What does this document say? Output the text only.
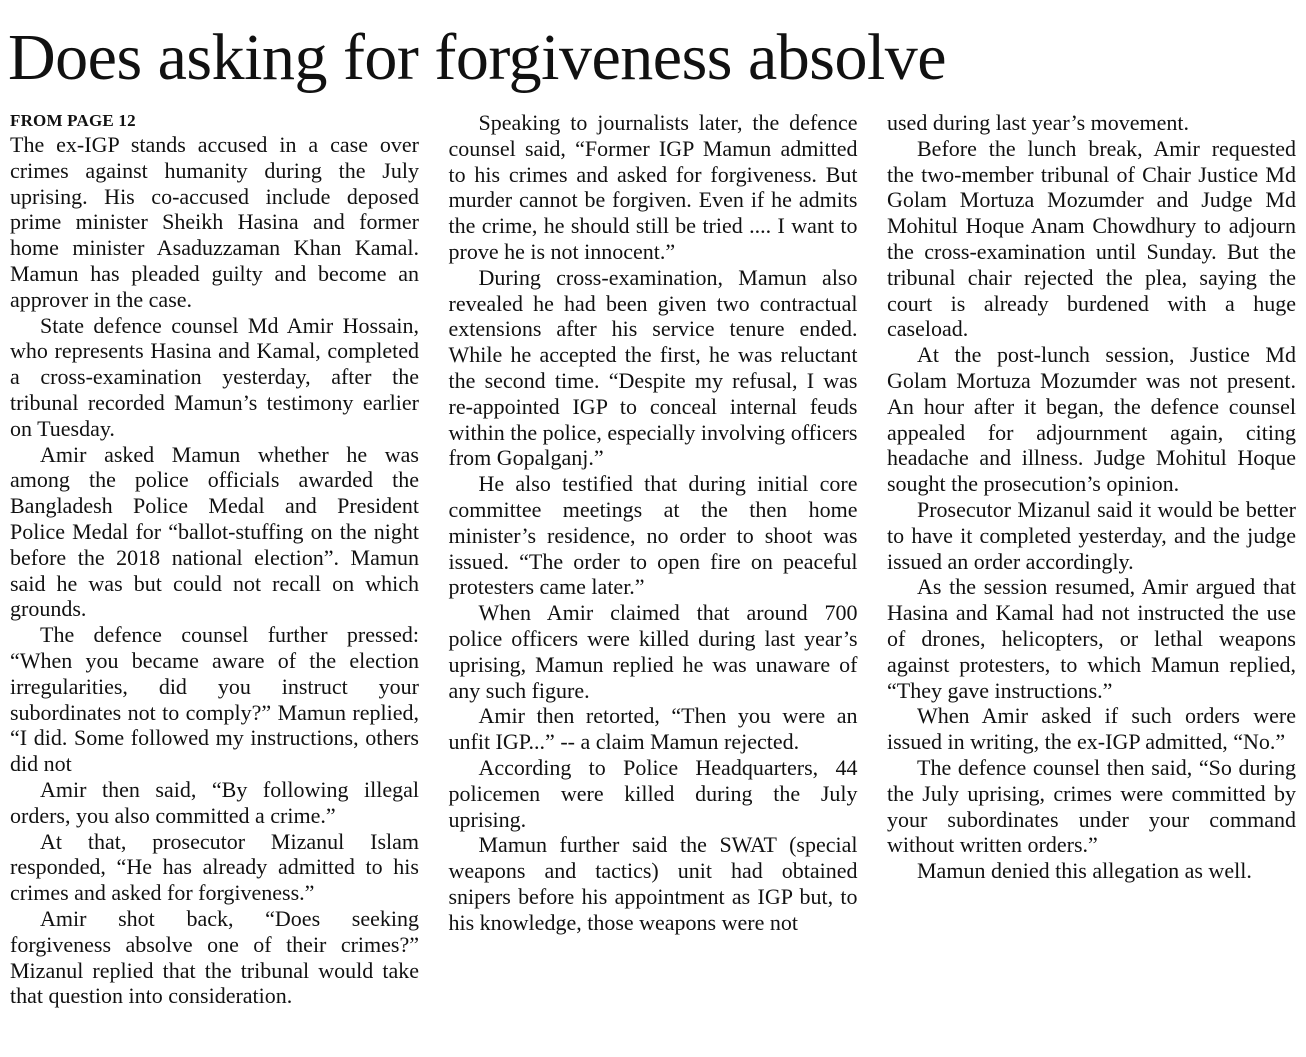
Does asking for forgiveness absolve
FROM PAGE 12

The ex-IGP stands accused in a case over crimes against humanity during the July uprising. His co-accused include deposed prime minister Sheikh Hasina and former home minister Asaduzzaman Khan Kamal. Mamun has pleaded guilty and become an approver in the case.

State defence counsel Md Amir Hossain, who represents Hasina and Kamal, completed a cross-examination yesterday, after the tribunal recorded Mamun’s testimony earlier on Tuesday.

Amir asked Mamun whether he was among the police officials awarded the Bangladesh Police Medal and President Police Medal for “ballot-stuffing on the night before the 2018 national election”. Mamun said he was but could not recall on which grounds.

The defence counsel further pressed: “When you became aware of the election irregularities, did you instruct your subordinates not to comply?” Mamun replied, “I did. Some followed my instructions, others did not

Amir then said, “By following illegal orders, you also committed a crime.”

At that, prosecutor Mizanul Islam responded, “He has already admitted to his crimes and asked for forgiveness.”

Amir shot back, “Does seeking forgiveness absolve one of their crimes?” Mizanul replied that the tribunal would take that question into consideration.

Speaking to journalists later, the defence counsel said, “Former IGP Mamun admitted to his crimes and asked for forgiveness. But murder cannot be forgiven. Even if he admits the crime, he should still be tried .... I want to prove he is not innocent.”

During cross-examination, Mamun also revealed he had been given two contractual extensions after his service tenure ended. While he accepted the first, he was reluctant the second time. “Despite my refusal, I was re-appointed IGP to conceal internal feuds within the police, especially involving officers from Gopalganj.”

He also testified that during initial core committee meetings at the then home minister’s residence, no order to shoot was issued. “The order to open fire on peaceful protesters came later.”

When Amir claimed that around 700 police officers were killed during last year’s uprising, Mamun replied he was unaware of any such figure.

Amir then retorted, “Then you were an unfit IGP...” -- a claim Mamun rejected.

According to Police Headquarters, 44 policemen were killed during the July uprising.

Mamun further said the SWAT (special weapons and tactics) unit had obtained snipers before his appointment as IGP but, to his knowledge, those weapons were not

used during last year’s movement.

Before the lunch break, Amir requested the two-member tribunal of Chair Justice Md Golam Mortuza Mozumder and Judge Md Mohitul Hoque Anam Chowdhury to adjourn the cross-examination until Sunday. But the tribunal chair rejected the plea, saying the court is already burdened with a huge caseload.

At the post-lunch session, Justice Md Golam Mortuza Mozumder was not present. An hour after it began, the defence counsel appealed for adjournment again, citing headache and illness. Judge Mohitul Hoque sought the prosecution’s opinion.

Prosecutor Mizanul said it would be better to have it completed yesterday, and the judge issued an order accordingly.

As the session resumed, Amir argued that Hasina and Kamal had not instructed the use of drones, helicopters, or lethal weapons against protesters, to which Mamun replied, “They gave instructions.”

When Amir asked if such orders were issued in writing, the ex-IGP admitted, “No.”

The defence counsel then said, “So during the July uprising, crimes were committed by your subordinates under your command without written orders.”

Mamun denied this allegation as well.
